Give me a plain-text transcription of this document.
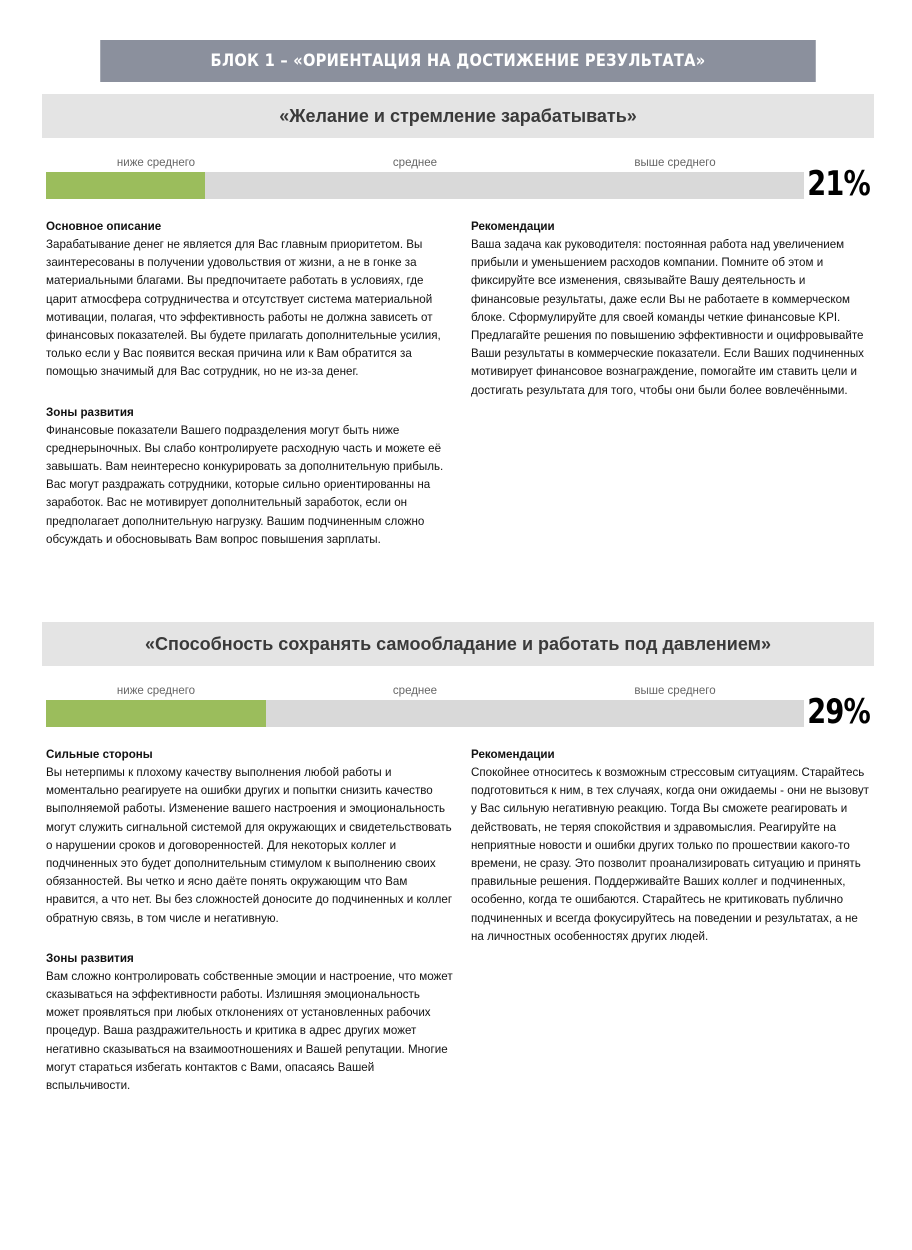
БЛОК 1 – «ОРИЕНТАЦИЯ НА ДОСТИЖЕНИЕ РЕЗУЛЬТАТА»
«Желание и стремление зарабатывать»
ниже среднего	среднее	выше среднего
21%
Основное описание

Зарабатывание денег не является для Вас главным приоритетом. Вы заинтересованы в получении удовольствия от жизни, а не в гонке за материальными благами. Вы предпочитаете работать в условиях, где царит атмосфера сотрудничества и отсутствует система материальной мотивации, полагая, что эффективность работы не должна зависеть от финансовых показателей. Вы будете прилагать дополнительные усилия, только если у Вас появится веская причина или к Вам обратится за помощью значимый для Вас сотрудник, но не из-за денег.

Зоны развития

Финансовые показатели Вашего подразделения могут быть ниже среднерыночных. Вы слабо контролируете расходную часть и можете её завышать. Вам неинтересно конкурировать за дополнительную прибыль. Вас могут раздражать сотрудники, которые сильно ориентированны на заработок. Вас не мотивирует дополнительный заработок, если он предполагает дополнительную нагрузку. Вашим подчиненным сложно обсуждать и обосновывать Вам вопрос повышения зарплаты.

Рекомендации

Ваша задача как руководителя: постоянная работа над увеличением прибыли и уменьшением расходов компании. Помните об этом и фиксируйте все изменения, связывайте Вашу деятельность и финансовые результаты, даже если Вы не работаете в коммерческом блоке. Сформулируйте для своей команды четкие финансовые KPI. Предлагайте решения по повышению эффективности и оцифровывайте Ваши результаты в коммерческие показатели. Если Ваших подчиненных мотивирует финансовое вознаграждение, помогайте им ставить цели и достигать результата для того, чтобы они были более вовлечёнными.

«Способность сохранять самообладание и работать под давлением»
ниже среднего	среднее	выше среднего
29%
Сильные стороны

Вы нетерпимы к плохому качеству выполнения любой работы и моментально реагируете на ошибки других и попытки снизить качество выполняемой работы. Изменение вашего настроения и эмоциональность могут служить сигнальной системой для окружающих и свидетельствовать о нарушении сроков и договоренностей. Для некоторых коллег и подчиненных это будет дополнительным стимулом к выполнению своих обязанностей. Вы четко и ясно даёте понять окружающим что Вам нравится, а что нет. Вы без сложностей доносите до подчиненных и коллег обратную связь, в том числе и негативную.

Зоны развития

Вам сложно контролировать собственные эмоции и настроение, что может сказываться на эффективности работы. Излишняя эмоциональность может проявляться при любых отклонениях от установленных рабочих процедур. Ваша раздражительность и критика в адрес других может негативно сказываться на взаимоотношениях и Вашей репутации. Многие могут стараться избегать контактов с Вами, опасаясь Вашей вспыльчивости.

Рекомендации

Спокойнее относитесь к возможным стрессовым ситуациям. Старайтесь подготовиться к ним, в тех случаях, когда они ожидаемы - они не вызовут у Вас сильную негативную реакцию. Тогда Вы сможете реагировать и действовать, не теряя спокойствия и здравомыслия. Реагируйте на неприятные новости и ошибки других только по прошествии какого-то времени, не сразу. Это позволит проанализировать ситуацию и принять правильные решения. Поддерживайте Ваших коллег и подчиненных, особенно, когда те ошибаются. Старайтесь не критиковать публично подчиненных и всегда фокусируйтесь на поведении и результатах, а не на личностных особенностях других людей.
